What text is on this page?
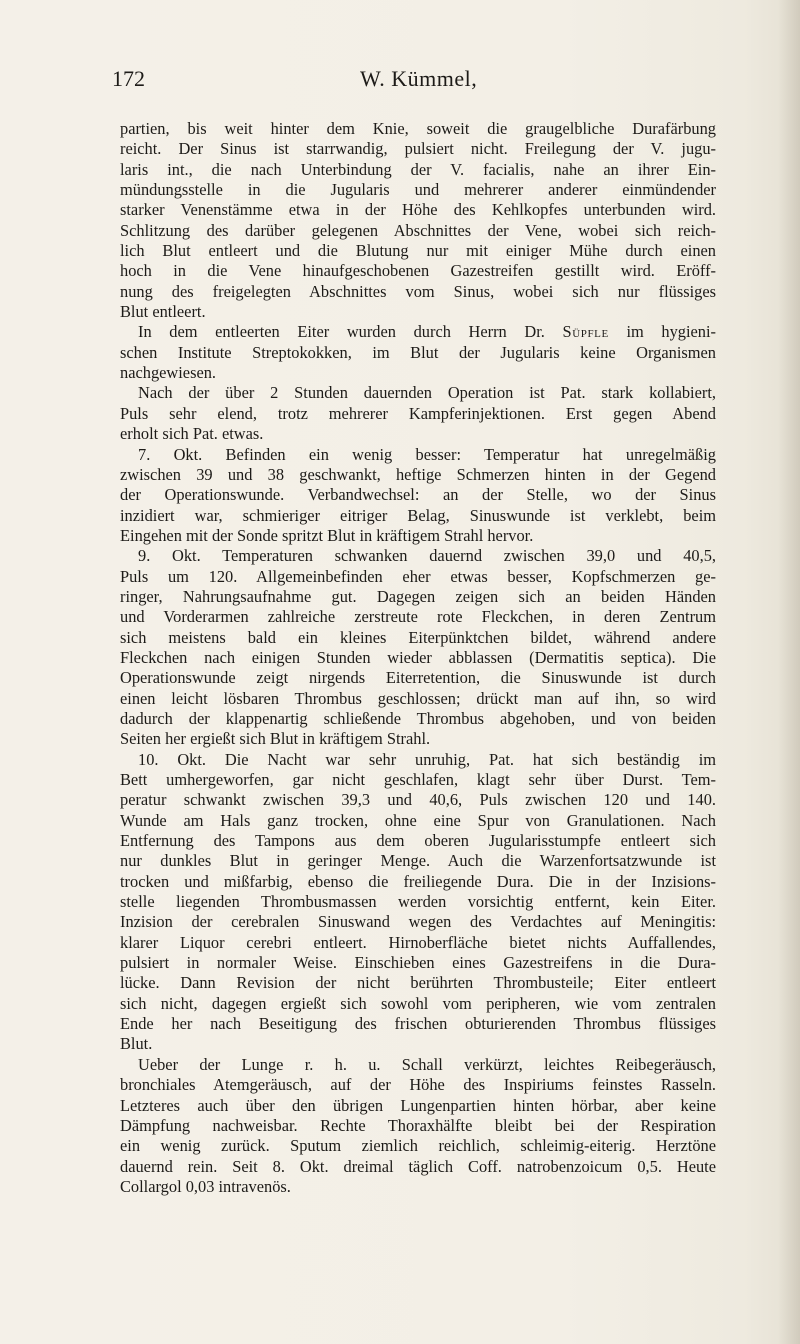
172	W. Kümmel,
partien, bis weit hinter dem Knie, soweit die graugelbliche Durafärbung
reicht. Der Sinus ist starrwandig, pulsiert nicht. Freilegung der V. jugu-
laris int., die nach Unterbindung der V. facialis, nahe an ihrer Ein-
mündungsstelle in die Jugularis und mehrerer anderer einmündender
starker Venenstämme etwa in der Höhe des Kehlkopfes unterbunden wird.
Schlitzung des darüber gelegenen Abschnittes der Vene, wobei sich reich-
lich Blut entleert und die Blutung nur mit einiger Mühe durch einen
hoch in die Vene hinaufgeschobenen Gazestreifen gestillt wird. Eröff-
nung des freigelegten Abschnittes vom Sinus, wobei sich nur flüssiges
Blut entleert.
In dem entleerten Eiter wurden durch Herrn Dr. Süpfle im hygieni-
schen Institute Streptokokken, im Blut der Jugularis keine Organismen
nachgewiesen.
Nach der über 2 Stunden dauernden Operation ist Pat. stark kollabiert,
Puls sehr elend, trotz mehrerer Kampferinjektionen. Erst gegen Abend
erholt sich Pat. etwas.
7. Okt. Befinden ein wenig besser: Temperatur hat unregelmäßig
zwischen 39 und 38 geschwankt, heftige Schmerzen hinten in der Gegend
der Operationswunde. Verbandwechsel: an der Stelle, wo der Sinus
inzidiert war, schmieriger eitriger Belag, Sinuswunde ist verklebt, beim
Eingehen mit der Sonde spritzt Blut in kräftigem Strahl hervor.
9. Okt. Temperaturen schwanken dauernd zwischen 39,0 und 40,5,
Puls um 120. Allgemeinbefinden eher etwas besser, Kopfschmerzen ge-
ringer, Nahrungsaufnahme gut. Dagegen zeigen sich an beiden Händen
und Vorderarmen zahlreiche zerstreute rote Fleckchen, in deren Zentrum
sich meistens bald ein kleines Eiterpünktchen bildet, während andere
Fleckchen nach einigen Stunden wieder abblassen (Dermatitis septica). Die
Operationswunde zeigt nirgends Eiterretention, die Sinuswunde ist durch
einen leicht lösbaren Thrombus geschlossen; drückt man auf ihn, so wird
dadurch der klappenartig schließende Thrombus abgehoben, und von beiden
Seiten her ergießt sich Blut in kräftigem Strahl.
10. Okt. Die Nacht war sehr unruhig, Pat. hat sich beständig im
Bett umhergeworfen, gar nicht geschlafen, klagt sehr über Durst. Tem-
peratur schwankt zwischen 39,3 und 40,6, Puls zwischen 120 und 140.
Wunde am Hals ganz trocken, ohne eine Spur von Granulationen. Nach
Entfernung des Tampons aus dem oberen Jugularisstumpfe entleert sich
nur dunkles Blut in geringer Menge. Auch die Warzenfortsatzwunde ist
trocken und mißfarbig, ebenso die freiliegende Dura. Die in der Inzisions-
stelle liegenden Thrombusmassen werden vorsichtig entfernt, kein Eiter.
Inzision der cerebralen Sinuswand wegen des Verdachtes auf Meningitis:
klarer Liquor cerebri entleert. Hirnoberfläche bietet nichts Auffallendes,
pulsiert in normaler Weise. Einschieben eines Gazestreifens in die Dura-
lücke. Dann Revision der nicht berührten Thrombusteile; Eiter entleert
sich nicht, dagegen ergießt sich sowohl vom peripheren, wie vom zentralen
Ende her nach Beseitigung des frischen obturierenden Thrombus flüssiges
Blut.
Ueber der Lunge r. h. u. Schall verkürzt, leichtes Reibegeräusch,
bronchiales Atemgeräusch, auf der Höhe des Inspiriums feinstes Rasseln.
Letzteres auch über den übrigen Lungenpartien hinten hörbar, aber keine
Dämpfung nachweisbar. Rechte Thoraxhälfte bleibt bei der Respiration
ein wenig zurück. Sputum ziemlich reichlich, schleimig-eiterig. Herztöne
dauernd rein. Seit 8. Okt. dreimal täglich Coff. natrobenzoicum 0,5. Heute
Collargol 0,03 intravenös.
